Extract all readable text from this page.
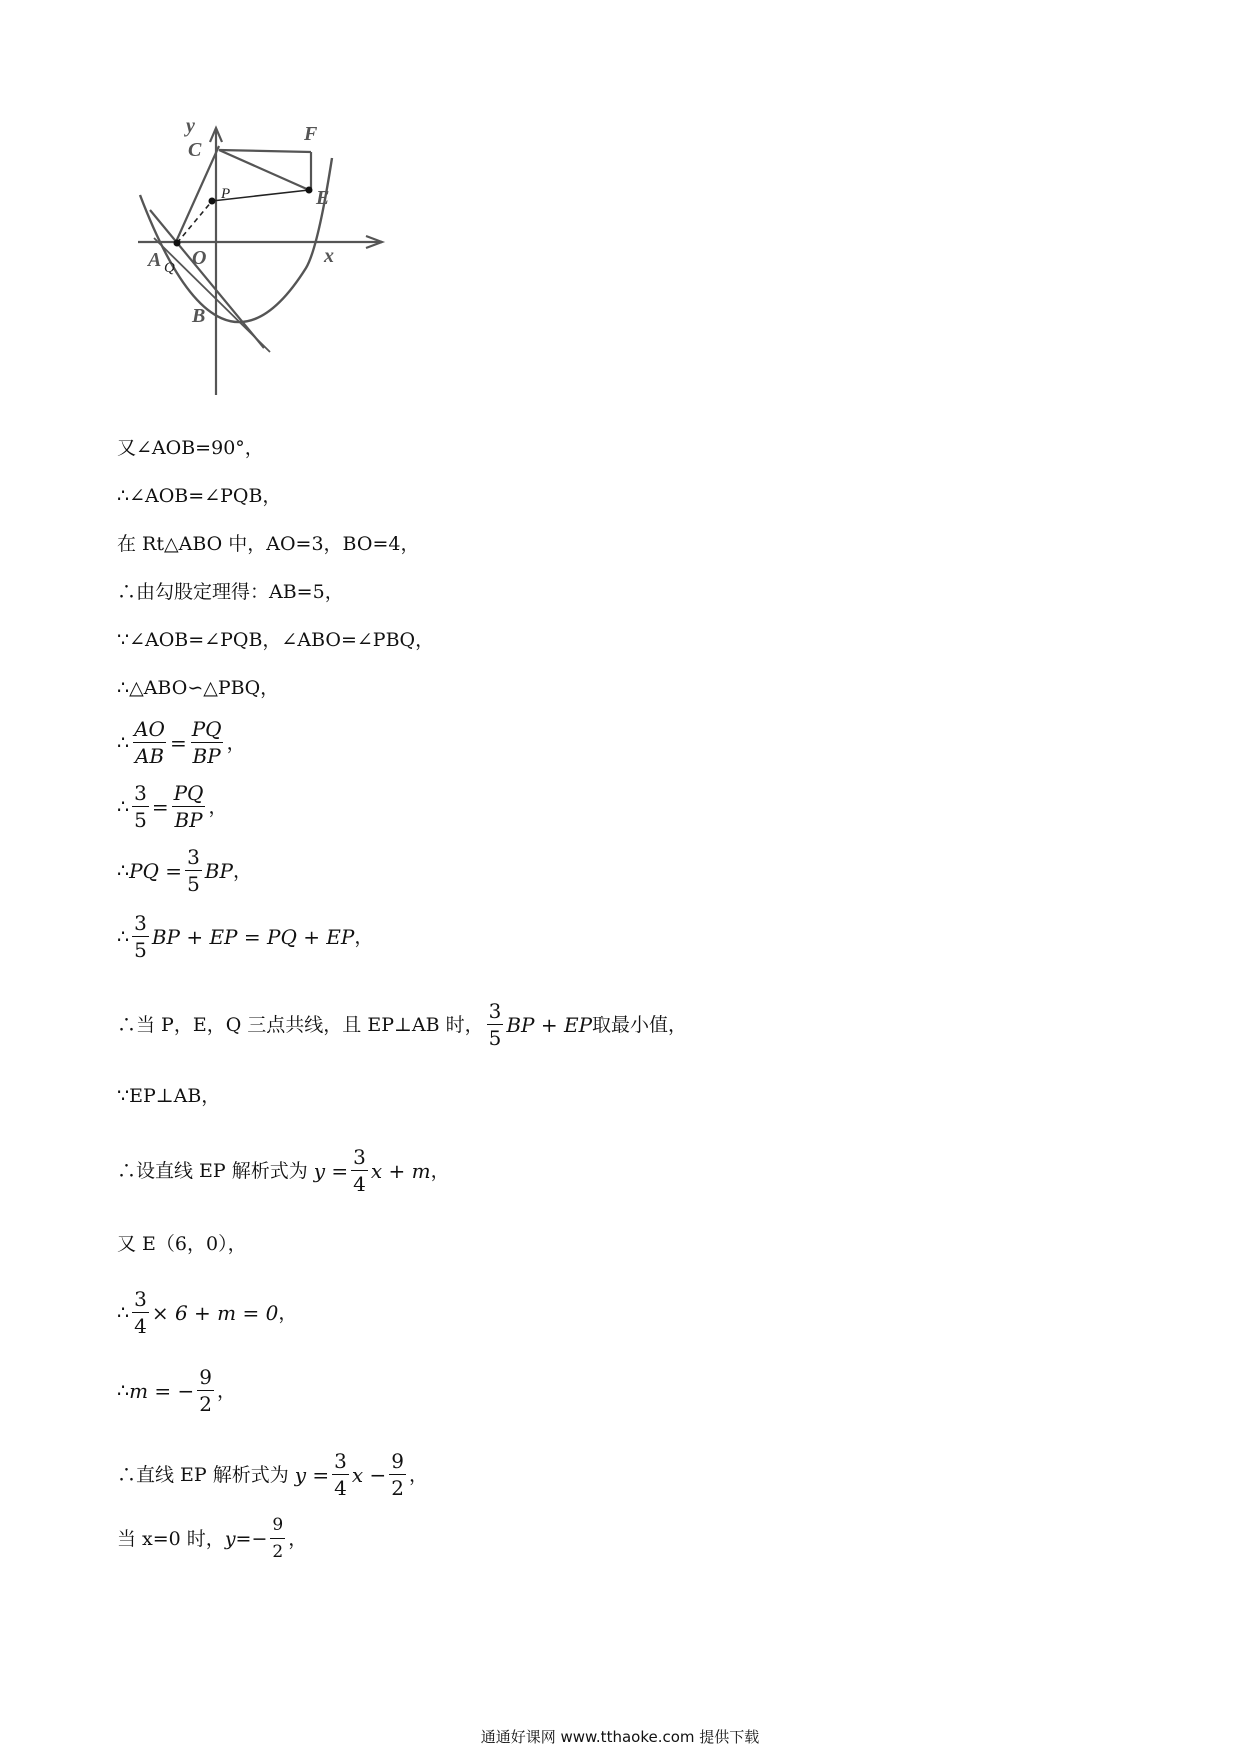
y
x
C
F
E
A O
B
P
Q
又∠AOB=90°，
∴∠AOB=∠PQB，
在 Rt△ABO 中，AO=3，BO=4，
∴由勾股定理得：AB=5，
∵∠AOB=∠PQB，∠ABO=∠PBQ，
∴△ABO∽△PBQ，
∴ $\frac{AO}{AB} = \frac{PQ}{BP}$ ，
∴ $\frac{3}{5} = \frac{PQ}{BP}$ ，
∴ PQ = $\frac{3}{5}$ BP ，
∴ $\frac{3}{5}$ BP + EP = PQ + EP ，
∴当 P，E，Q 三点共线，且 EP⊥AB 时， $\frac{3}{5}$ BP + EP 取最小值，
∵EP⊥AB，
∴设直线 EP 解析式为 $y = \frac{3}{4}$ x + m ，
又 E（6，0），
∴ $\frac{3}{4} \times 6 + m = 0$ ，
∴ m = − $\frac{9}{2}$ ，
∴直线 EP 解析式为 $y = \frac{3}{4}$ $x - \frac{9}{2}$ ，
当 x=0 时， $y=- \frac{9}{2}$ ，
通通好课网 www.tthaoke.com 提供下载
